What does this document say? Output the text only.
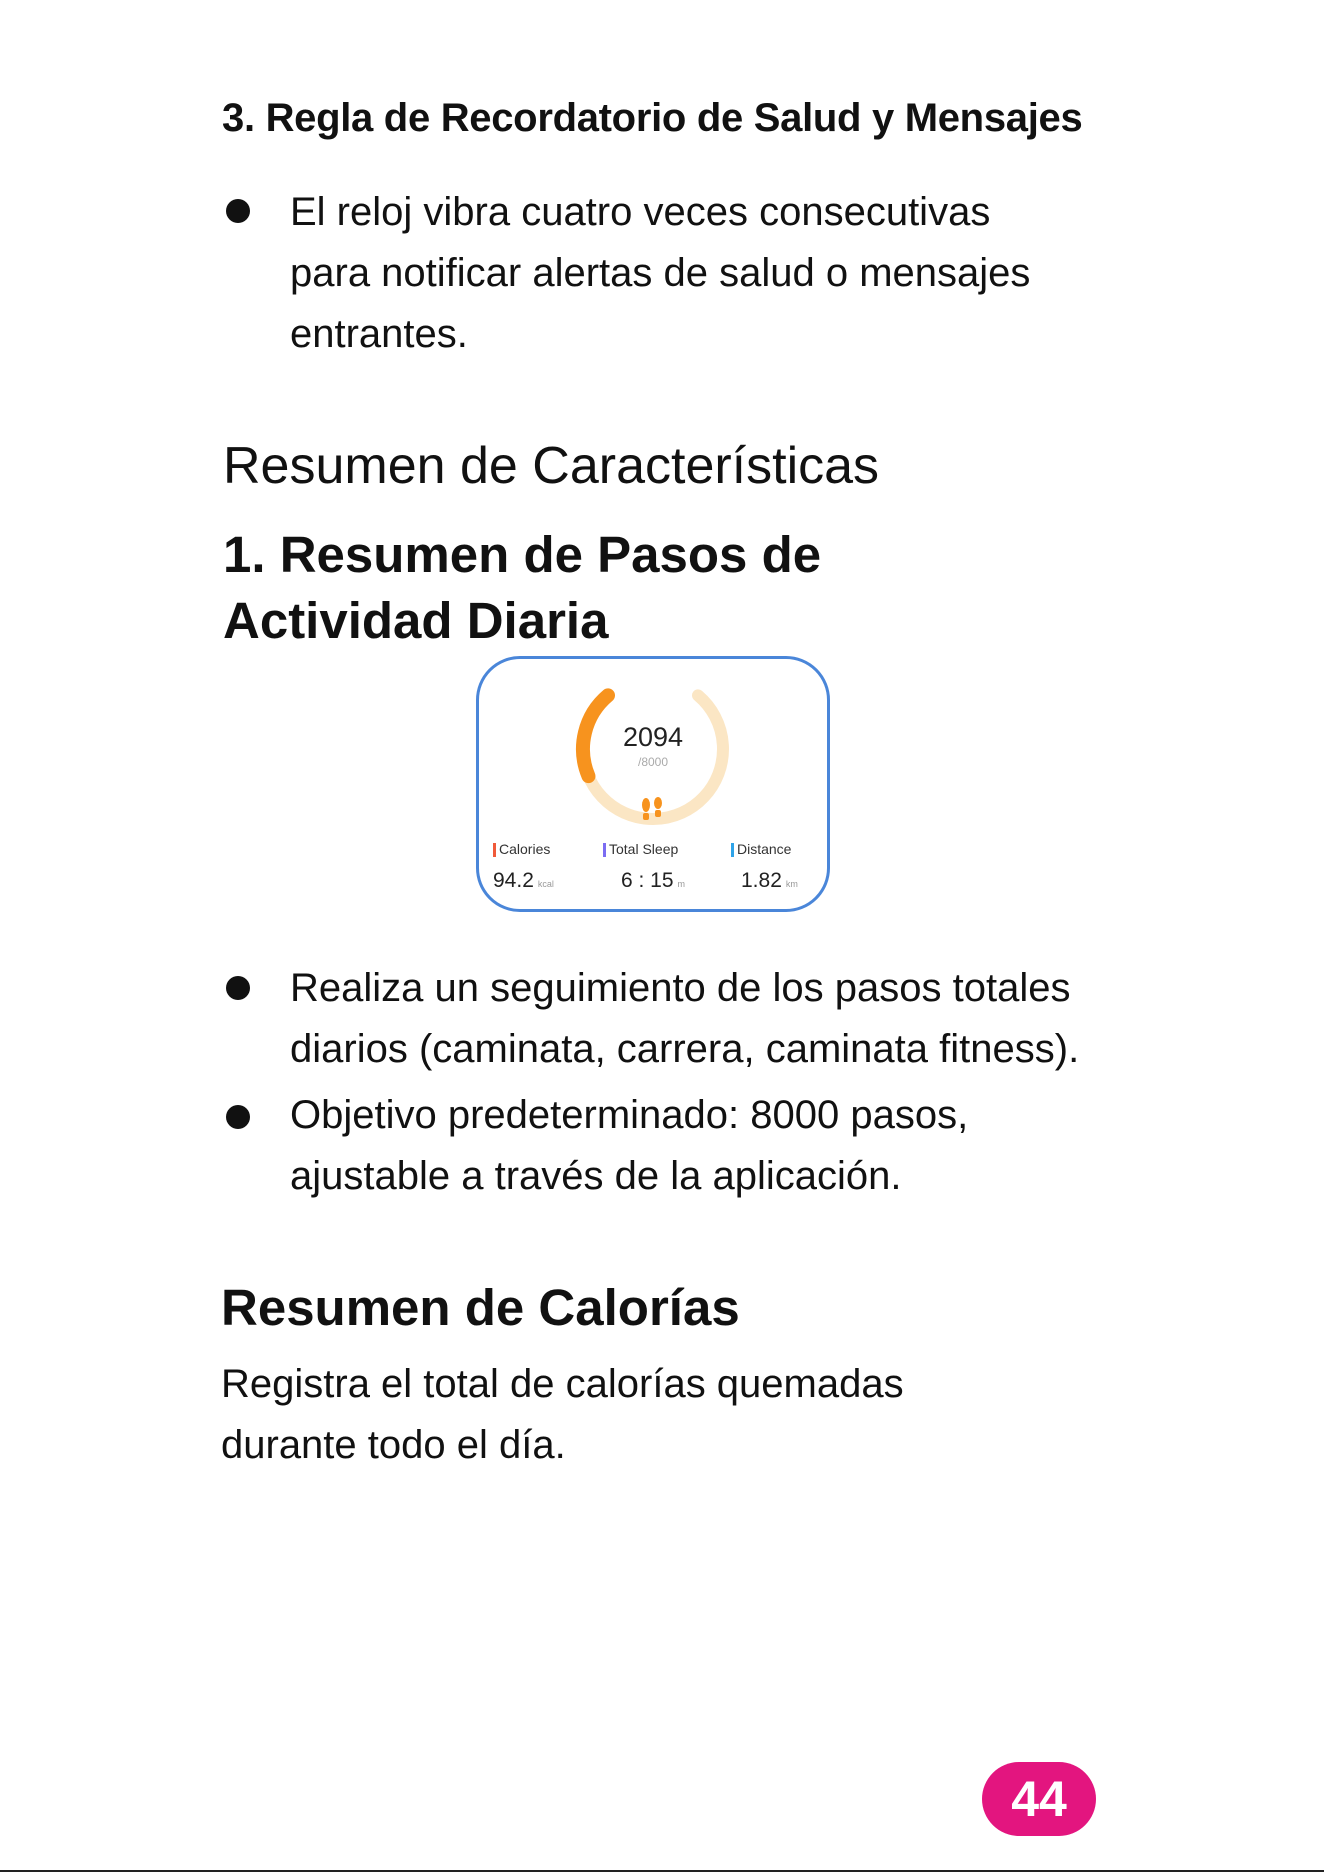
3. Regla de Recordatorio de Salud y Mensajes
El reloj vibra cuatro veces consecutivas
para notificar alertas de salud o mensajes
entrantes.
Resumen de Características
1. Resumen de Pasos de
Actividad Diaria
2094
/8000
Calories
94.2 kcal
Total Sleep
6 : 15 m
Distance
1.82 km
Realiza un seguimiento de los pasos totales
diarios (caminata, carrera, caminata fitness).
Objetivo predeterminado: 8000 pasos,
ajustable a través de la aplicación.
Resumen de Calorías
Registra el total de calorías quemadas
durante todo el día.
44
